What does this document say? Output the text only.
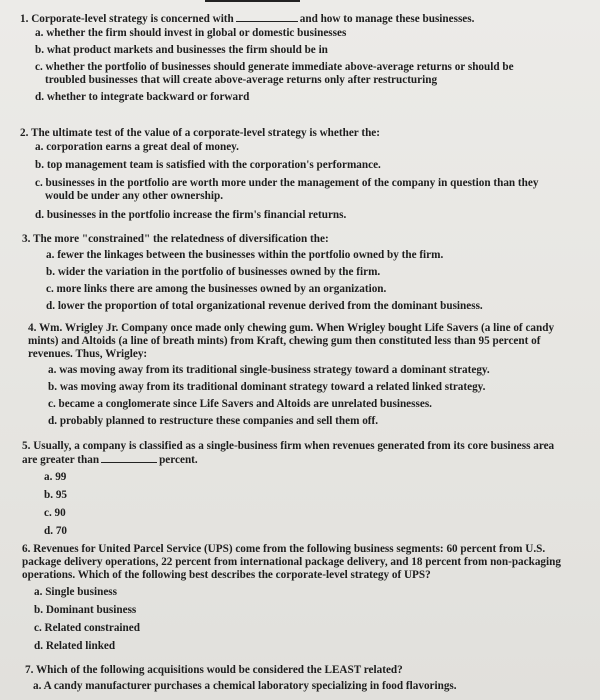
1. Corporate-level strategy is concerned with	and how to manage these businesses.
a. whether the firm should invest in global or domestic businesses
b. what product markets and businesses the firm should be in
c. whether the portfolio of businesses should generate immediate above-average returns or should be troubled businesses that will create above-average returns only after restructuring
d. whether to integrate backward or forward
2. The ultimate test of the value of a corporate-level strategy is whether the:
a. corporation earns a great deal of money.
b. top management team is satisfied with the corporation's performance.
c. businesses in the portfolio are worth more under the management of the company in question than they would be under any other ownership.
d. businesses in the portfolio increase the firm's financial returns.
3. The more "constrained" the relatedness of diversification the:
a. fewer the linkages between the businesses within the portfolio owned by the firm.
b. wider the variation in the portfolio of businesses owned by the firm.
c. more links there are among the businesses owned by an organization.
d. lower the proportion of total organizational revenue derived from the dominant business.
4. Wm. Wrigley Jr. Company once made only chewing gum. When Wrigley bought Life Savers (a line of candy mints) and Altoids (a line of breath mints) from Kraft, chewing gum then constituted less than 95 percent of revenues. Thus, Wrigley:
a. was moving away from its traditional single-business strategy toward a dominant strategy.
b. was moving away from its traditional dominant strategy toward a related linked strategy.
c. became a conglomerate since Life Savers and Altoids are unrelated businesses.
d. probably planned to restructure these companies and sell them off.
5. Usually, a company is classified as a single-business firm when revenues generated from its core business area are greater than	percent.
a. 99
b. 95
c. 90
d. 70
6. Revenues for United Parcel Service (UPS) come from the following business segments: 60 percent from U.S. package delivery operations, 22 percent from international package delivery, and 18 percent from non-packaging operations. Which of the following best describes the corporate-level strategy of UPS?
a. Single business
b. Dominant business
c. Related constrained
d. Related linked
7. Which of the following acquisitions would be considered the LEAST related?
a. A candy manufacturer purchases a chemical laboratory specializing in food flavorings.
